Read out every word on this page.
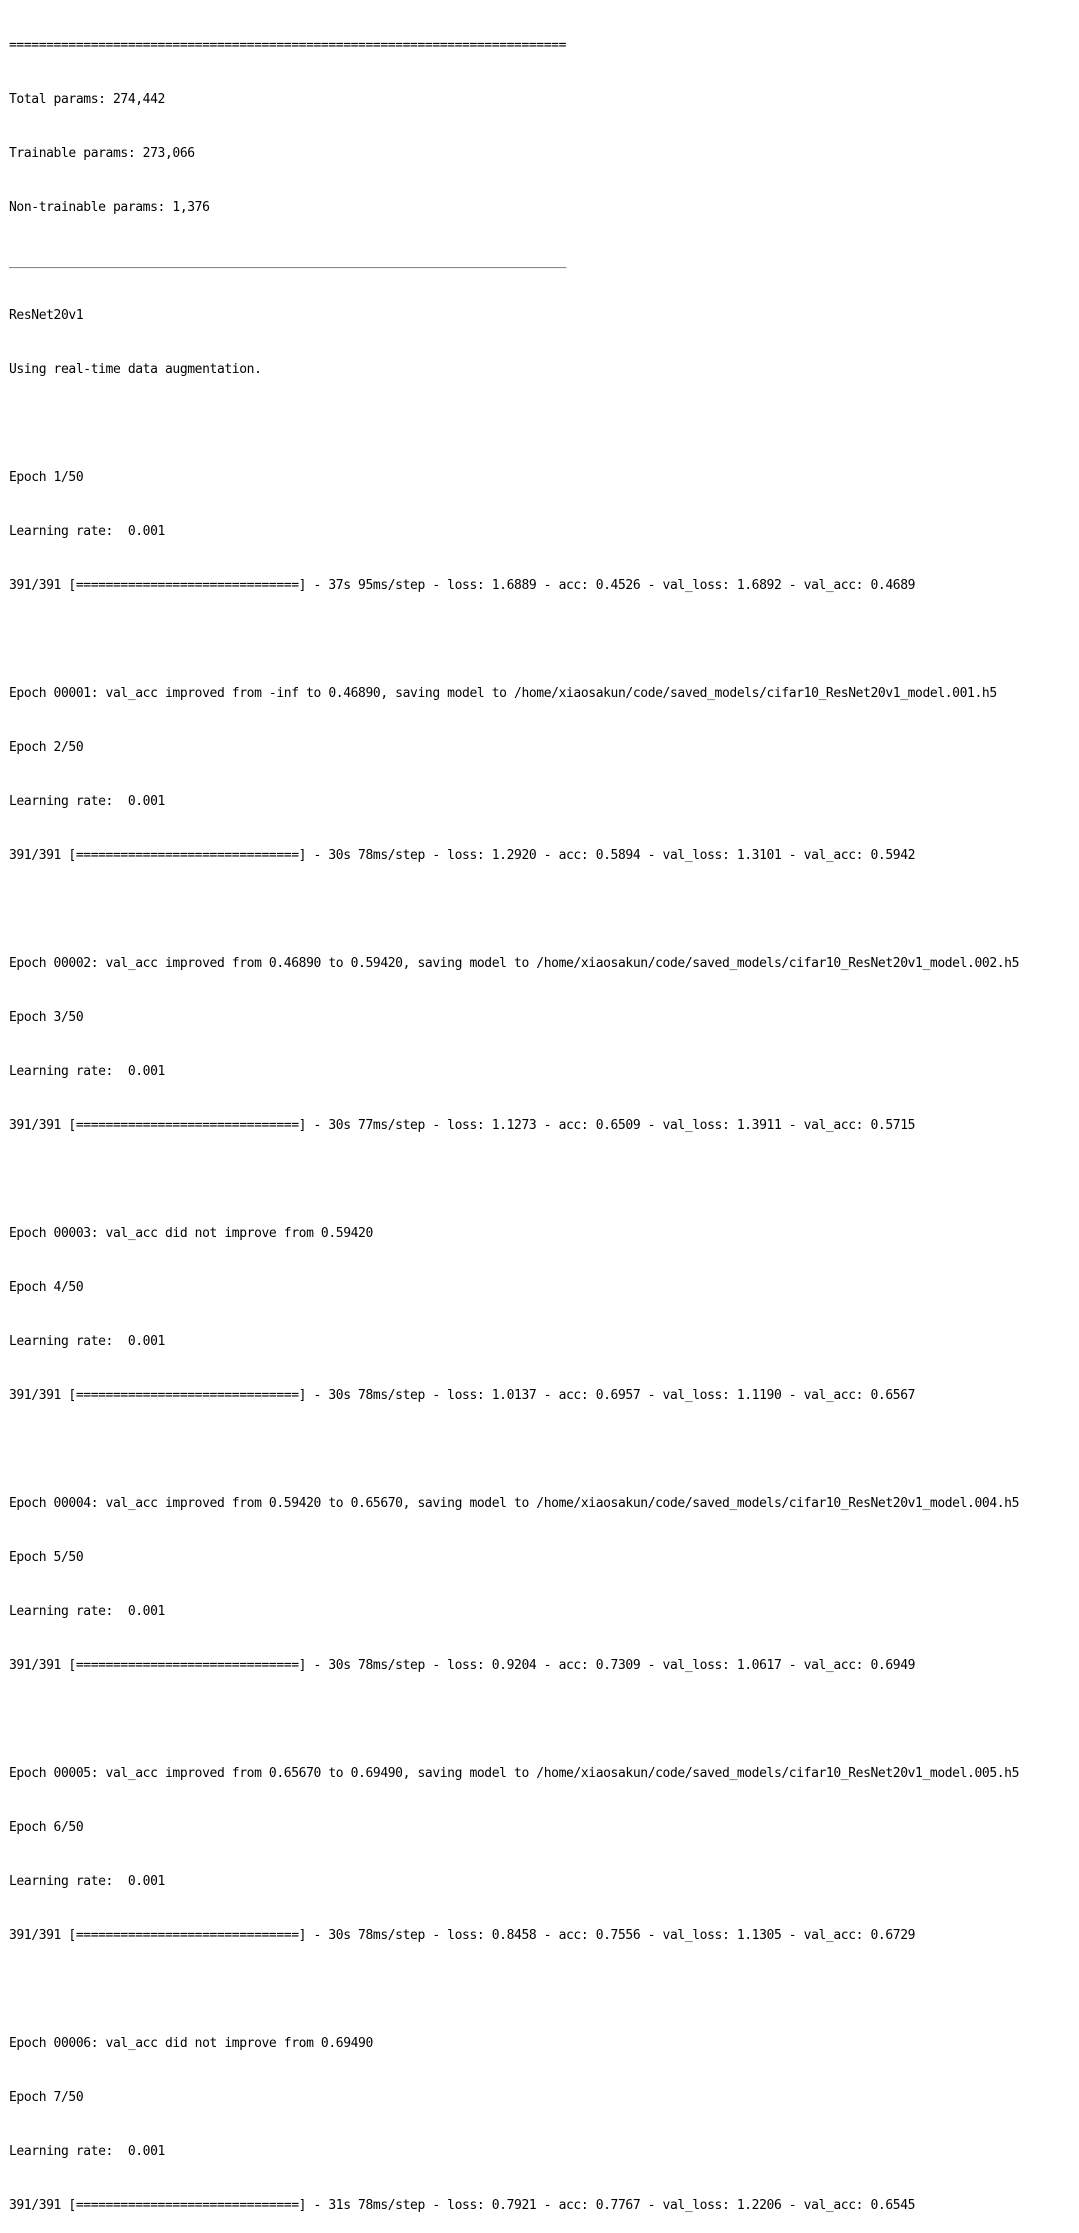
===========================================================================

Total params: 274,442

Trainable params: 273,066

Non-trainable params: 1,376

___________________________________________________________________________

ResNet20v1

Using real-time data augmentation.

Epoch 1/50

Learning rate:  0.001

391/391 [==============================] - 37s 95ms/step - loss: 1.6889 - acc: 0.4526 - val_loss: 1.6892 - val_acc: 0.4689

Epoch 00001: val_acc improved from -inf to 0.46890, saving model to /home/xiaosakun/code/saved_models/cifar10_ResNet20v1_model.001.h5

Epoch 2/50

Learning rate:  0.001

391/391 [==============================] - 30s 78ms/step - loss: 1.2920 - acc: 0.5894 - val_loss: 1.3101 - val_acc: 0.5942

Epoch 00002: val_acc improved from 0.46890 to 0.59420, saving model to /home/xiaosakun/code/saved_models/cifar10_ResNet20v1_model.002.h5

Epoch 3/50

Learning rate:  0.001

391/391 [==============================] - 30s 77ms/step - loss: 1.1273 - acc: 0.6509 - val_loss: 1.3911 - val_acc: 0.5715

Epoch 00003: val_acc did not improve from 0.59420

Epoch 4/50

Learning rate:  0.001

391/391 [==============================] - 30s 78ms/step - loss: 1.0137 - acc: 0.6957 - val_loss: 1.1190 - val_acc: 0.6567

Epoch 00004: val_acc improved from 0.59420 to 0.65670, saving model to /home/xiaosakun/code/saved_models/cifar10_ResNet20v1_model.004.h5

Epoch 5/50

Learning rate:  0.001

391/391 [==============================] - 30s 78ms/step - loss: 0.9204 - acc: 0.7309 - val_loss: 1.0617 - val_acc: 0.6949

Epoch 00005: val_acc improved from 0.65670 to 0.69490, saving model to /home/xiaosakun/code/saved_models/cifar10_ResNet20v1_model.005.h5

Epoch 6/50

Learning rate:  0.001

391/391 [==============================] - 30s 78ms/step - loss: 0.8458 - acc: 0.7556 - val_loss: 1.1305 - val_acc: 0.6729

Epoch 00006: val_acc did not improve from 0.69490

Epoch 7/50

Learning rate:  0.001

391/391 [==============================] - 31s 78ms/step - loss: 0.7921 - acc: 0.7767 - val_loss: 1.2206 - val_acc: 0.6545
